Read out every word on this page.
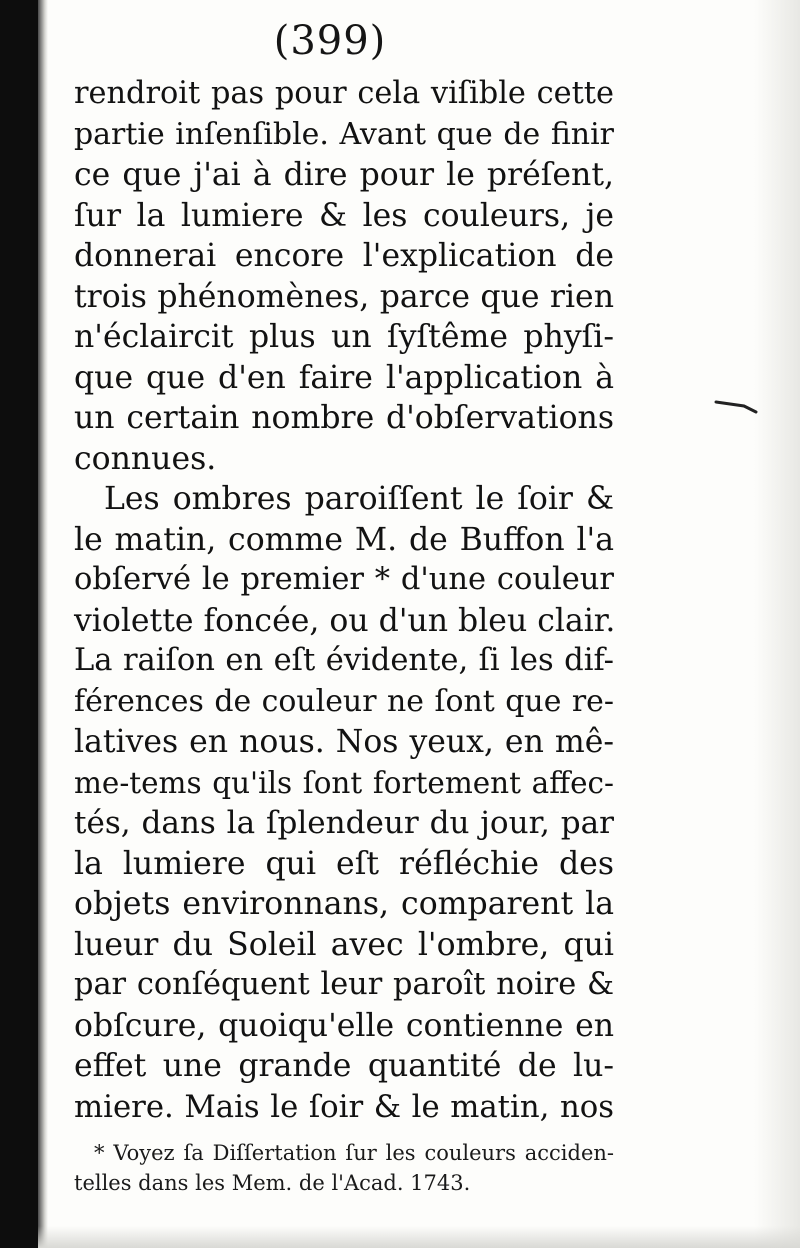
(399)
rendroit pas pour cela viſible cette
partie inſenſible. Avant que de finir
ce que j'ai à dire pour le préſent,
ſur la lumiere & les couleurs, je
donnerai encore l'explication de
trois phénomènes, parce que rien
n'éclaircit plus un ſyſtême phyſi-
que que d'en faire l'application à
un certain nombre d'obſervations
connues.
Les ombres paroiſſent le ſoir &
le matin, comme M. de Buffon l'a
obſervé le premier * d'une couleur
violette foncée, ou d'un bleu clair.
La raiſon en eſt évidente, ſi les dif-
férences de couleur ne ſont que re-
latives en nous. Nos yeux, en mê-
me-tems qu'ils ſont fortement affec-
tés, dans la ſplendeur du jour, par
la lumiere qui eſt réfléchie des
objets environnans, comparent la
lueur du Soleil avec l'ombre, qui
par conſéquent leur paroît noire &
obſcure, quoiqu'elle contienne en
effet une grande quantité de lu-
miere. Mais le ſoir & le matin, nos
* Voyez ſa Diſſertation ſur les couleurs acciden-
telles dans les Mem. de l'Acad. 1743.
